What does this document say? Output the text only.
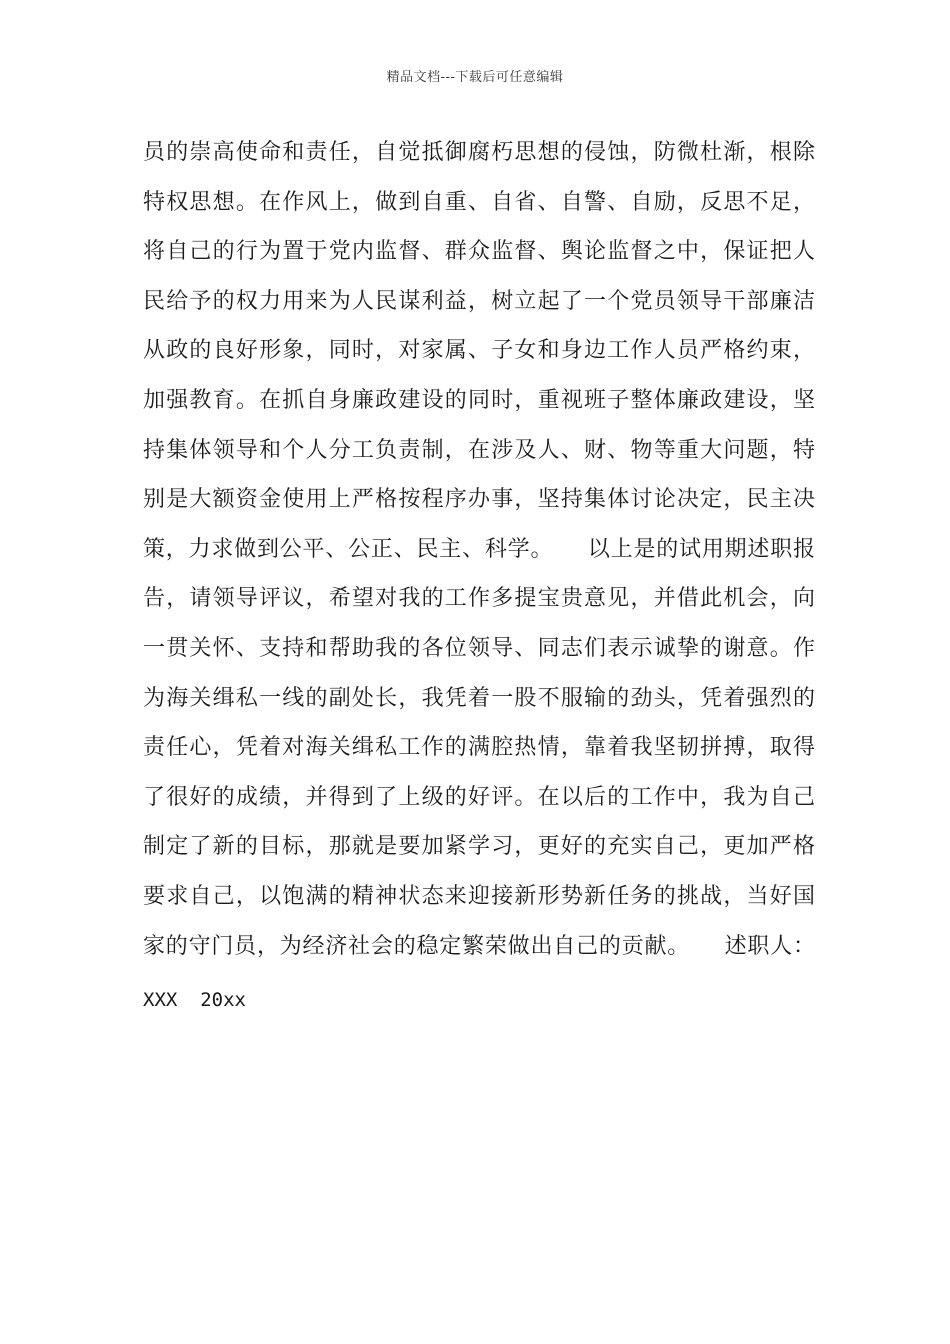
精品文档---下载后可任意编辑
员的崇高使命和责任，自觉抵御腐朽思想的侵蚀，防微杜渐，根除
特权思想。在作风上，做到自重、自省、自警、自励，反思不足，
将自己的行为置于党内监督、群众监督、舆论监督之中，保证把人
民给予的权力用来为人民谋利益，树立起了一个党员领导干部廉洁
从政的良好形象，同时，对家属、子女和身边工作人员严格约束，
加强教育。在抓自身廉政建设的同时，重视班子整体廉政建设，坚
持集体领导和个人分工负责制，在涉及人、财、物等重大问题，特
别是大额资金使用上严格按程序办事，坚持集体讨论决定，民主决
策，力求做到公平、公正、民主、科学。　　以上是的试用期述职报
告，请领导评议，希望对我的工作多提宝贵意见，并借此机会，向
一贯关怀、支持和帮助我的各位领导、同志们表示诚挚的谢意。作
为海关缉私一线的副处长，我凭着一股不服输的劲头，凭着强烈的
责任心，凭着对海关缉私工作的满腔热情，靠着我坚韧拼搏，取得
了很好的成绩，并得到了上级的好评。在以后的工作中，我为自己
制定了新的目标，那就是要加紧学习，更好的充实自己，更加严格
要求自己，以饱满的精神状态来迎接新形势新任务的挑战，当好国
家的守门员，为经济社会的稳定繁荣做出自己的贡献。　　述职人：
XXX  20xx
